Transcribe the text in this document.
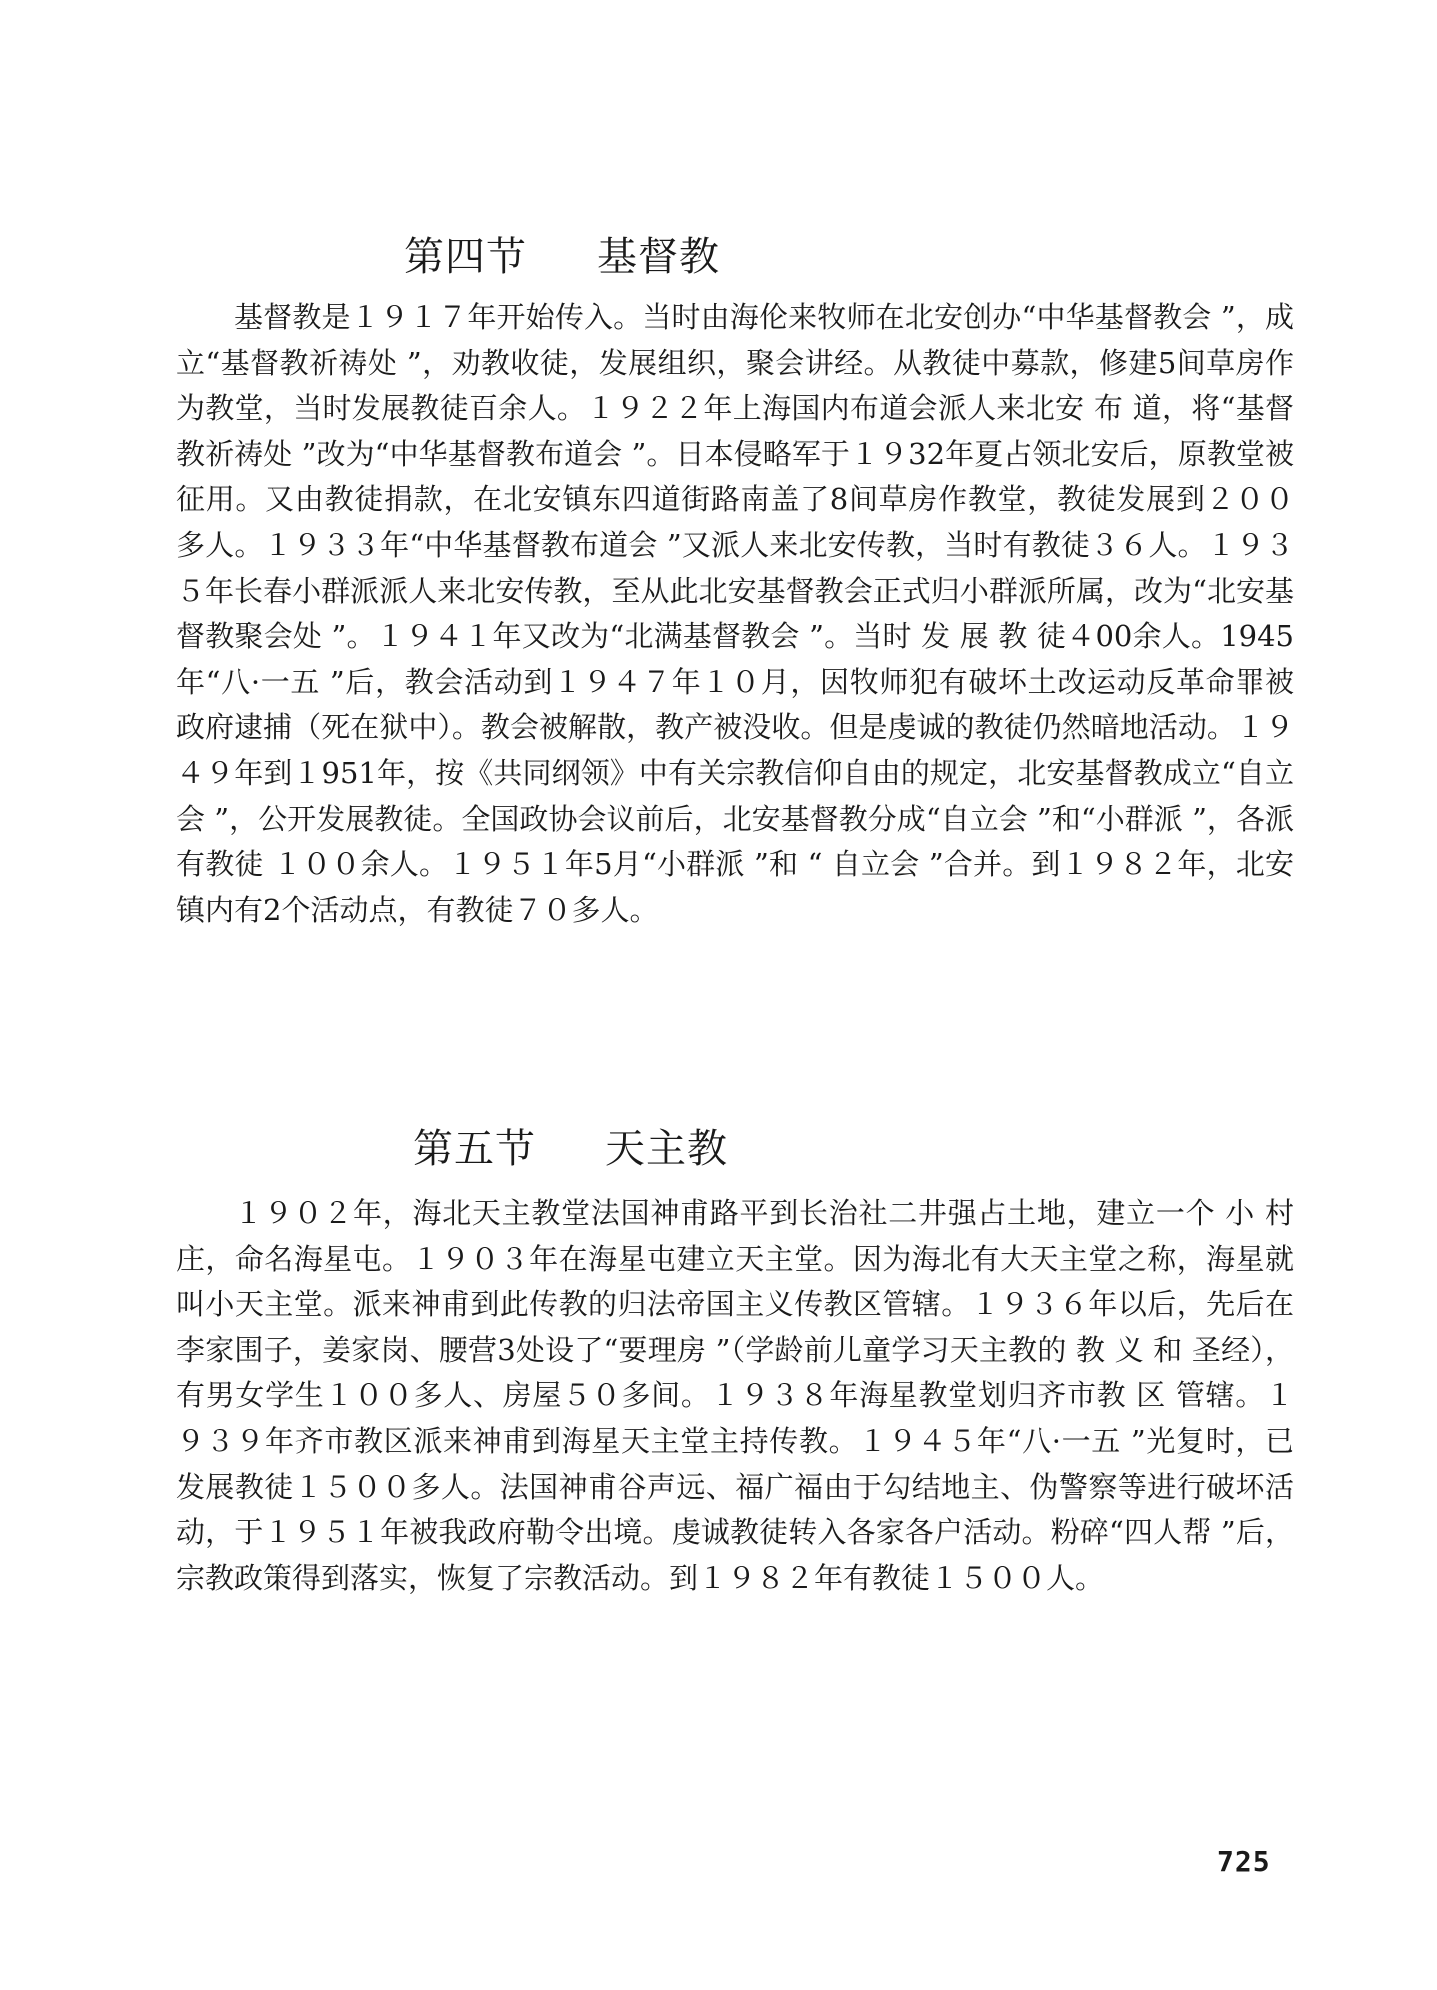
第四节 基督教

基督教是１９１７年开始传入。当时由海伦来牧师在北安创办“中华基督教会 ”，成立“基督教祈祷处 ”，劝教收徒，发展组织，聚会讲经。从教徒中募款，修建5间草房作为教堂，当时发展教徒百余人。１９２２年上海国内布道会派人来北安 布 道，将“基督教祈祷处 ”改为“中华基督教布道会 ”。日本侵略军于１９32年夏占领北安后，原教堂被征用。又由教徒捐款，在北安镇东四道街路南盖了8间草房作教堂，教徒发展到２００多人。１９３３年“中华基督教布道会 ”又派人来北安传教，当时有教徒３６人。１９３５年长春小群派派人来北安传教，至从此北安基督教会正式归小群派所属，改为“北安基督教聚会处 ”。１９４１年又改为“北满基督教会 ”。当时 发 展 教 徒４00余人。1945年“八·一五 ”后，教会活动到１９４７年１０月，因牧师犯有破坏土改运动反革命罪被政府逮捕（死在狱中）。教会被解散，教产被没收。但是虔诚的教徒仍然暗地活动。１９４９年到１951年，按《共同纲领》中有关宗教信仰自由的规定，北安基督教成立“自立会 ”，公开发展教徒。全国政协会议前后，北安基督教分成“自立会 ”和“小群派 ”，各派有教徒 １００余人。１９５１年5月“小群派 ”和 “ 自立会 ”合并。到１９８２年，北安镇内有2个活动点，有教徒７０多人。

第五节 天主教

１９０２年，海北天主教堂法国神甫路平到长治社二井强占土地，建立一个 小 村庄，命名海星屯。１９０３年在海星屯建立天主堂。因为海北有大天主堂之称，海星就叫小天主堂。派来神甫到此传教的归法帝国主义传教区管辖。１９３６年以后，先后在李家围子，姜家岗、腰营3处设了“要理房 ”（学龄前儿童学习天主教的 教 义 和 圣经），有男女学生１００多人、房屋５０多间。１９３８年海星教堂划归齐市教 区 管辖。１９３９年齐市教区派来神甫到海星天主堂主持传教。１９４５年“八·一五 ”光复时，已发展教徒１５００多人。法国神甫谷声远、福广福由于勾结地主、伪警察等进行破坏活动，于１９５１年被我政府勒令出境。虔诚教徒转入各家各户活动。粉碎“四人帮 ”后，宗教政策得到落实，恢复了宗教活动。到１９８２年有教徒１５００人。

725
